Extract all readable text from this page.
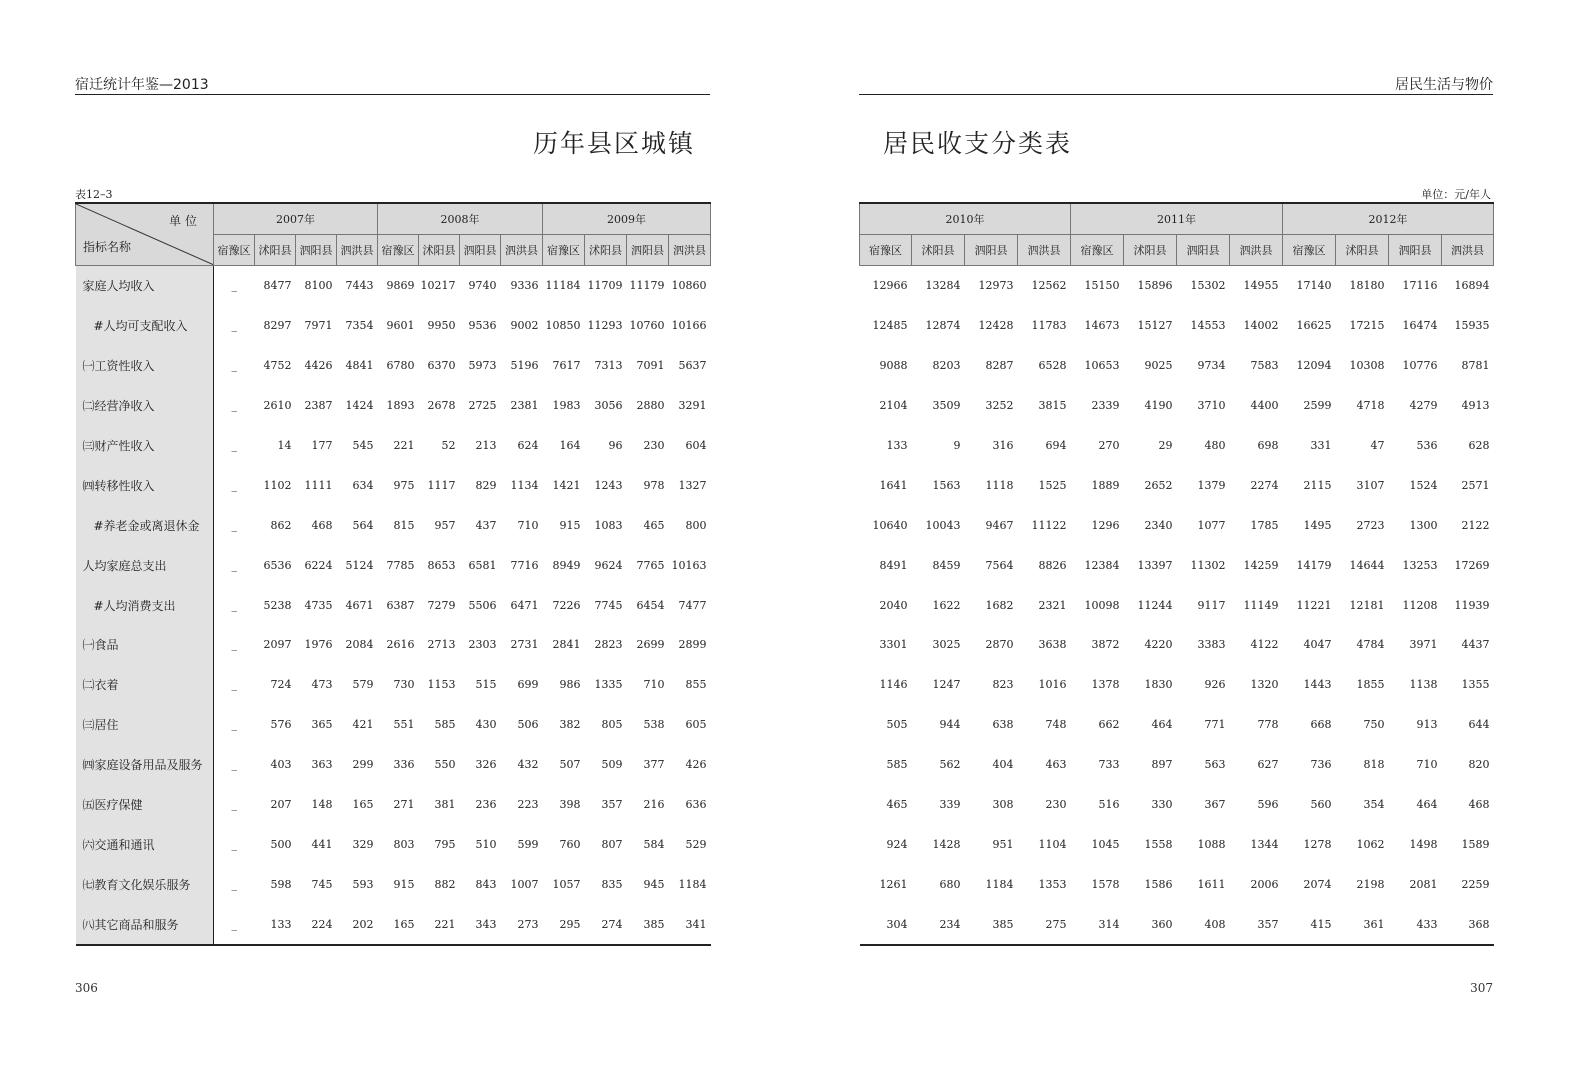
宿迁统计年鉴—2013
历年县区城镇
表12–3
单 位
指标名称	2007年				2008年				2009年			
	宿豫区	沭阳县	泗阳县	泗洪县	宿豫区	沭阳县	泗阳县	泗洪县	宿豫区	沭阳县	泗阳县	泗洪县
家庭人均收入	_	8477	8100	7443	9869	10217	9740	9336	11184	11709	11179	10860
#人均可支配收入	_	8297	7971	7354	9601	9950	9536	9002	10850	11293	10760	10166
㈠工资性收入	_	4752	4426	4841	6780	6370	5973	5196	7617	7313	7091	5637
㈡经营净收入	_	2610	2387	1424	1893	2678	2725	2381	1983	3056	2880	3291
㈢财产性收入	_	14	177	545	221	52	213	624	164	96	230	604
㈣转移性收入	_	1102	1111	634	975	1117	829	1134	1421	1243	978	1327
#养老金或离退休金	_	862	468	564	815	957	437	710	915	1083	465	800
人均家庭总支出	_	6536	6224	5124	7785	8653	6581	7716	8949	9624	7765	10163
#人均消费支出	_	5238	4735	4671	6387	7279	5506	6471	7226	7745	6454	7477
㈠食品	_	2097	1976	2084	2616	2713	2303	2731	2841	2823	2699	2899
㈡衣着	_	724	473	579	730	1153	515	699	986	1335	710	855
㈢居住	_	576	365	421	551	585	430	506	382	805	538	605
㈣家庭设备用品及服务	_	403	363	299	336	550	326	432	507	509	377	426
㈤医疗保健	_	207	148	165	271	381	236	223	398	357	216	636
㈥交通和通讯	_	500	441	329	803	795	510	599	760	807	584	529
㈦教育文化娱乐服务	_	598	745	593	915	882	843	1007	1057	835	945	1184
㈧其它商品和服务	_	133	224	202	165	221	343	273	295	274	385	341
306
居民生活与物价
居民收支分类表
单位：元/年人
2010年				2011年				2012年			
宿豫区	沭阳县	泗阳县	泗洪县	宿豫区	沭阳县	泗阳县	泗洪县	宿豫区	沭阳县	泗阳县	泗洪县
12966	13284	12973	12562	15150	15896	15302	14955	17140	18180	17116	16894
12485	12874	12428	11783	14673	15127	14553	14002	16625	17215	16474	15935
9088	8203	8287	6528	10653	9025	9734	7583	12094	10308	10776	8781
2104	3509	3252	3815	2339	4190	3710	4400	2599	4718	4279	4913
133	9	316	694	270	29	480	698	331	47	536	628
1641	1563	1118	1525	1889	2652	1379	2274	2115	3107	1524	2571
10640	10043	9467	11122	1296	2340	1077	1785	1495	2723	1300	2122
8491	8459	7564	8826	12384	13397	11302	14259	14179	14644	13253	17269
2040	1622	1682	2321	10098	11244	9117	11149	11221	12181	11208	11939
3301	3025	2870	3638	3872	4220	3383	4122	4047	4784	3971	4437
1146	1247	823	1016	1378	1830	926	1320	1443	1855	1138	1355
505	944	638	748	662	464	771	778	668	750	913	644
585	562	404	463	733	897	563	627	736	818	710	820
465	339	308	230	516	330	367	596	560	354	464	468
924	1428	951	1104	1045	1558	1088	1344	1278	1062	1498	1589
1261	680	1184	1353	1578	1586	1611	2006	2074	2198	2081	2259
304	234	385	275	314	360	408	357	415	361	433	368
307
